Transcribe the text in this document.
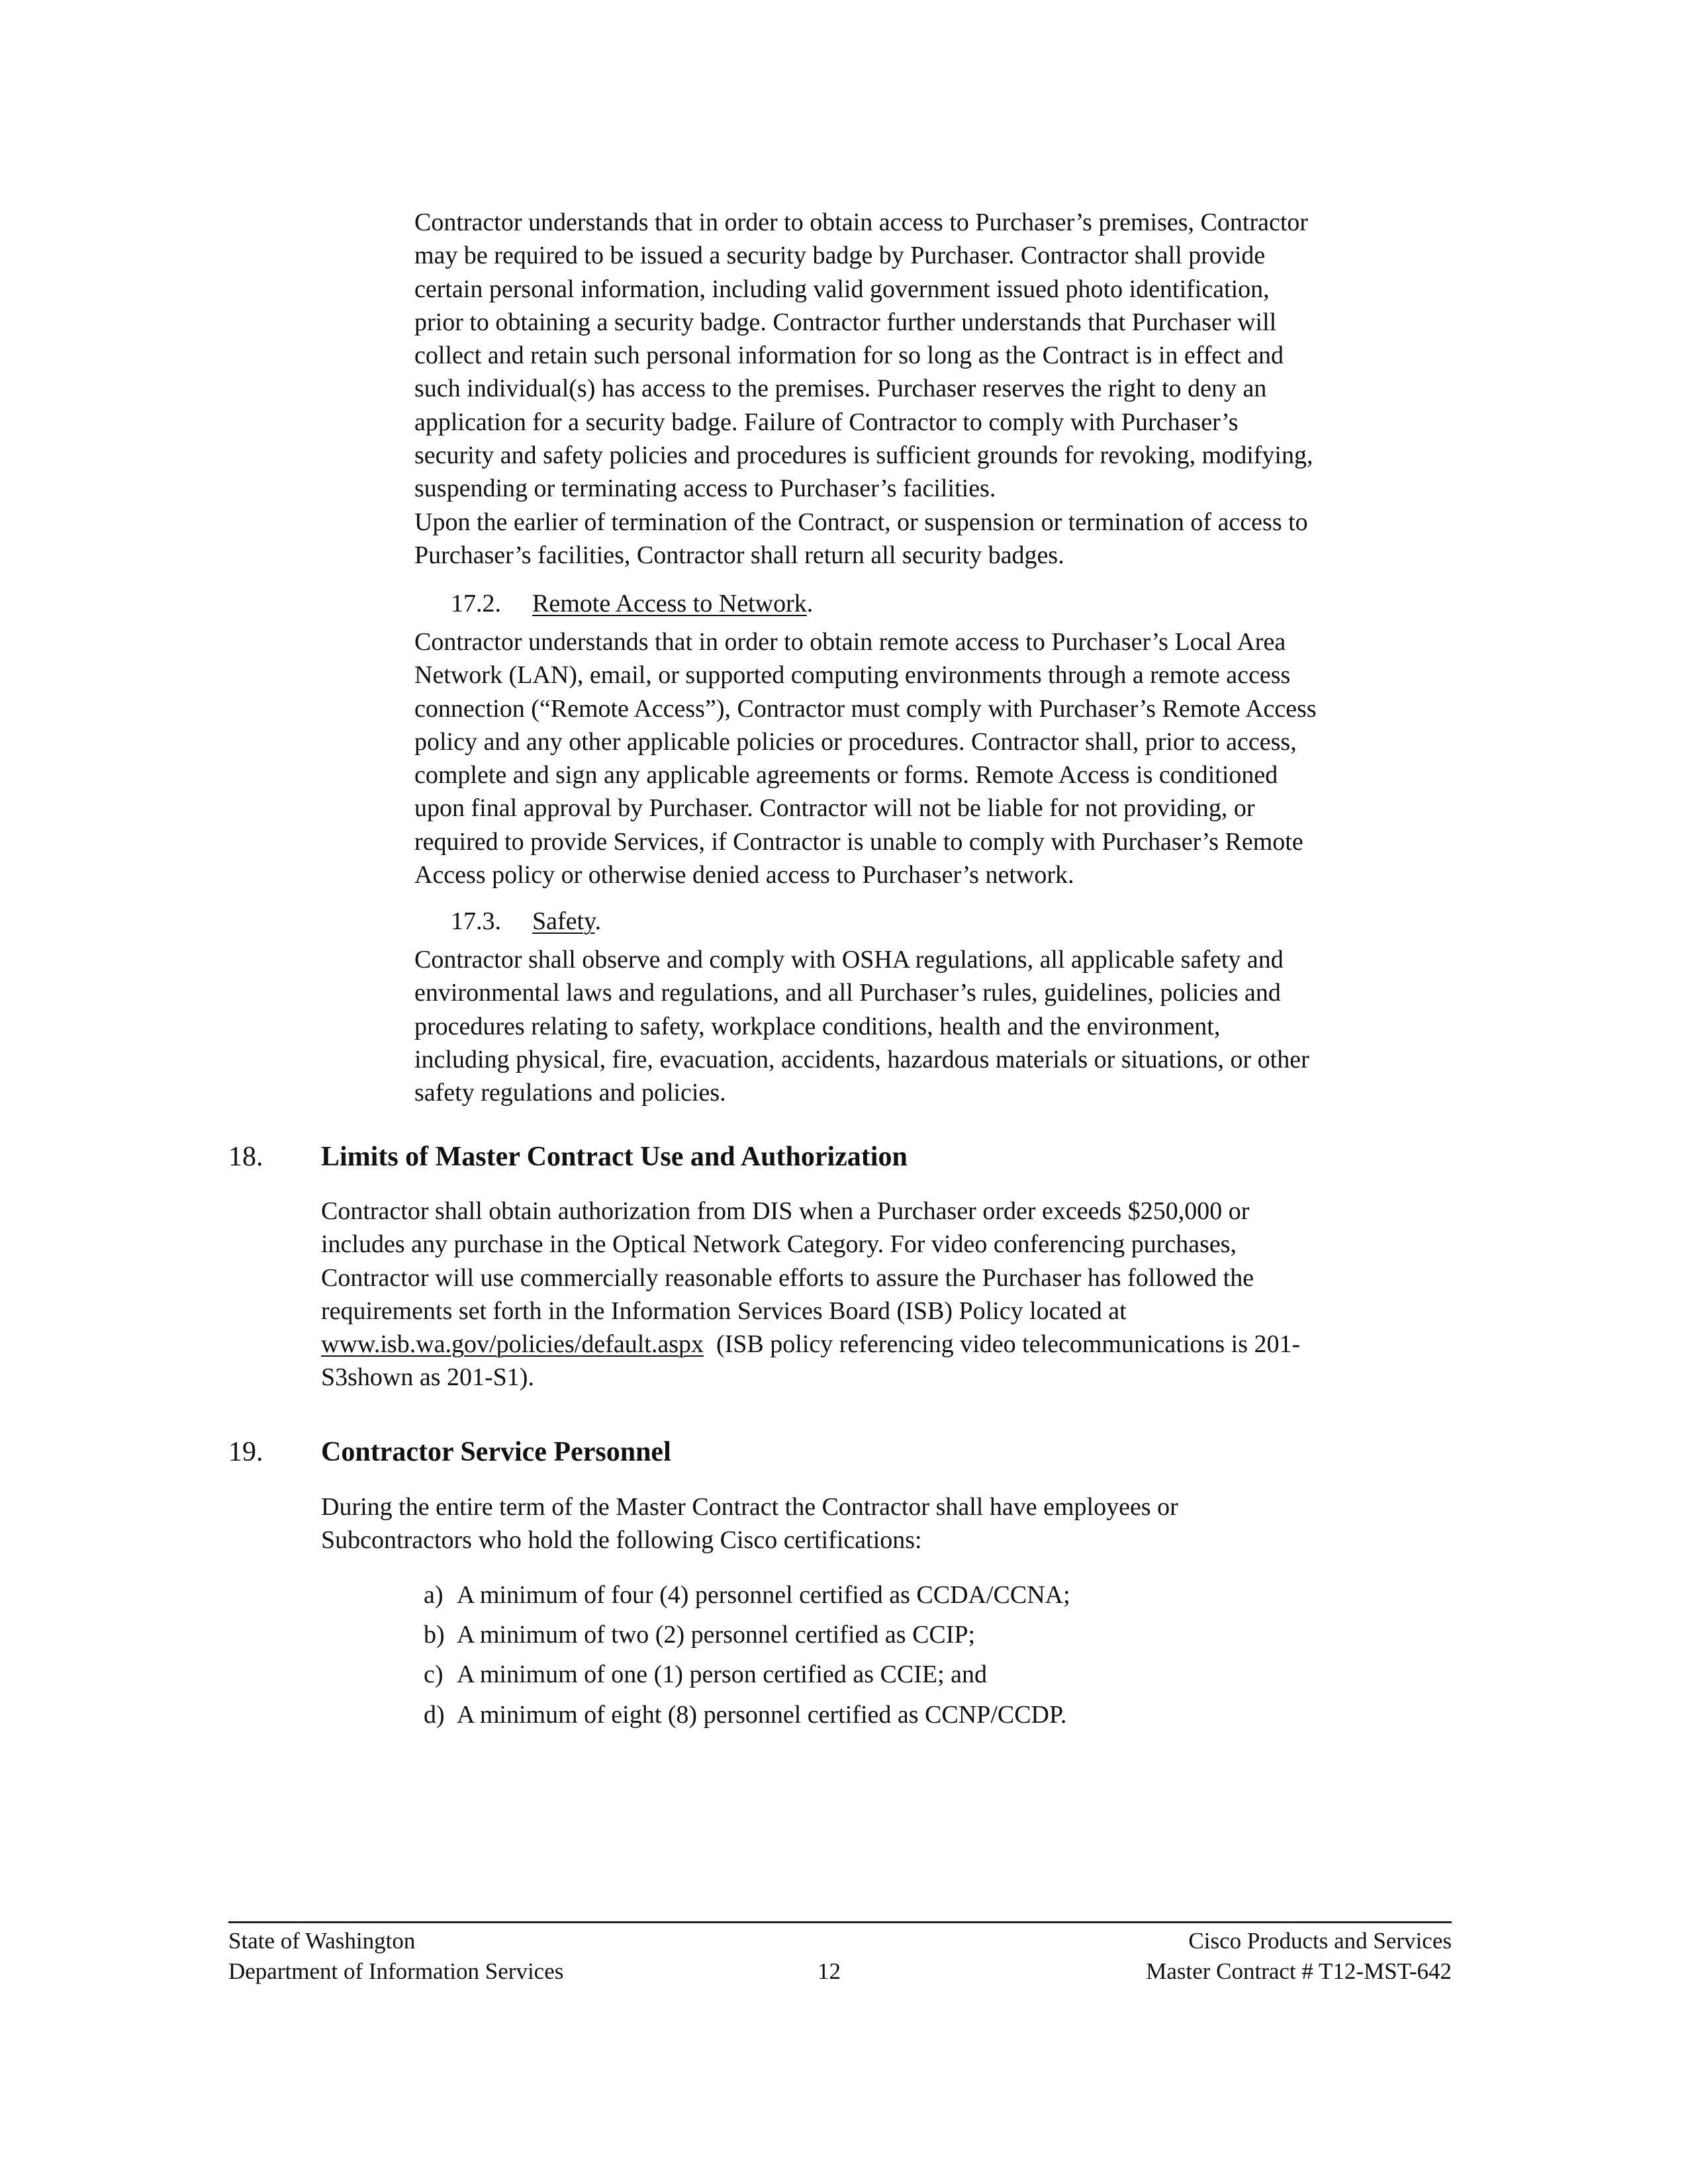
Contractor understands that in order to obtain access to Purchaser’s premises, Contractor
may be required to be issued a security badge by Purchaser. Contractor shall provide
certain personal information, including valid government issued photo identification,
prior to obtaining a security badge. Contractor further understands that Purchaser will
collect and retain such personal information for so long as the Contract is in effect and
such individual(s) has access to the premises. Purchaser reserves the right to deny an
application for a security badge. Failure of Contractor to comply with Purchaser’s
security and safety policies and procedures is sufficient grounds for revoking, modifying,
suspending or terminating access to Purchaser’s facilities.
Upon the earlier of termination of the Contract, or suspension or termination of access to
Purchaser’s facilities, Contractor shall return all security badges.
17.2. Remote Access to Network.
Contractor understands that in order to obtain remote access to Purchaser’s Local Area
Network (LAN), email, or supported computing environments through a remote access
connection (“Remote Access”), Contractor must comply with Purchaser’s Remote Access
policy and any other applicable policies or procedures. Contractor shall, prior to access,
complete and sign any applicable agreements or forms. Remote Access is conditioned
upon final approval by Purchaser. Contractor will not be liable for not providing, or
required to provide Services, if Contractor is unable to comply with Purchaser’s Remote
Access policy or otherwise denied access to Purchaser’s network.
17.3. Safety.
Contractor shall observe and comply with OSHA regulations, all applicable safety and
environmental laws and regulations, and all Purchaser’s rules, guidelines, policies and
procedures relating to safety, workplace conditions, health and the environment,
including physical, fire, evacuation, accidents, hazardous materials or situations, or other
safety regulations and policies.
18. Limits of Master Contract Use and Authorization
Contractor shall obtain authorization from DIS when a Purchaser order exceeds $250,000 or
includes any purchase in the Optical Network Category. For video conferencing purchases,
Contractor will use commercially reasonable efforts to assure the Purchaser has followed the
requirements set forth in the Information Services Board (ISB) Policy located at
www.isb.wa.gov/policies/default.aspx  (ISB policy referencing video telecommunications is 201-
S3shown as 201-S1).
19. Contractor Service Personnel
During the entire term of the Master Contract the Contractor shall have employees or
Subcontractors who hold the following Cisco certifications:
a) A minimum of four (4) personnel certified as CCDA/CCNA;
b) A minimum of two (2) personnel certified as CCIP;
c) A minimum of one (1) person certified as CCIE; and
d) A minimum of eight (8) personnel certified as CCNP/CCDP.
State of Washington
Department of Information Services	12
Cisco Products and Services
Master Contract # T12-MST-642
